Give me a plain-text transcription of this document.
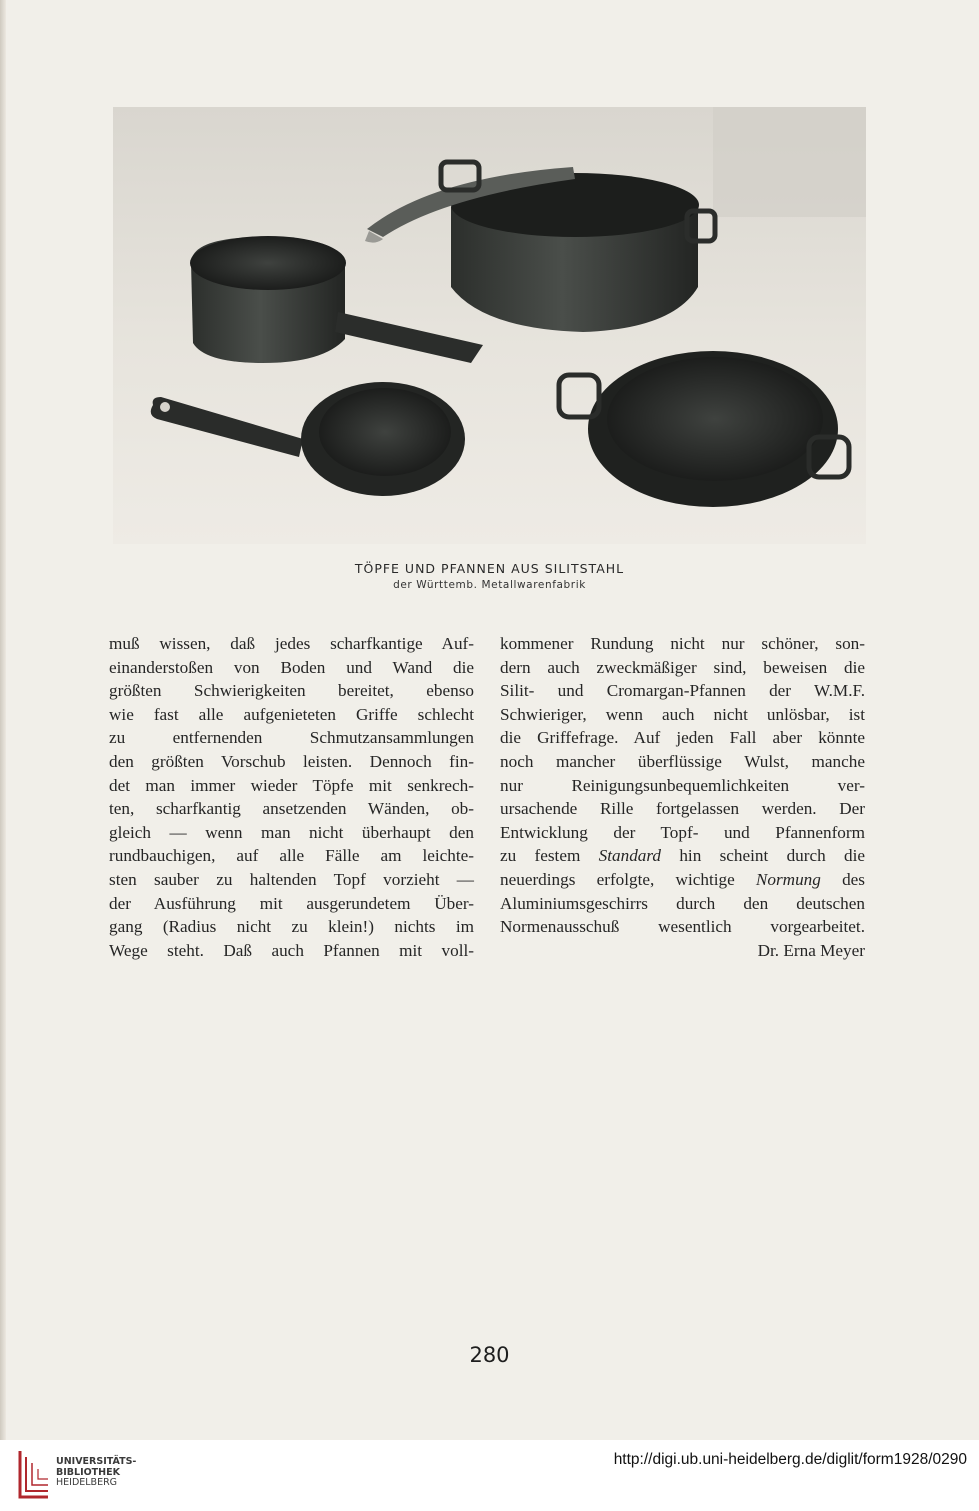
TÖPFE UND PFANNEN AUS SILITSTAHL
der Württemb. Metallwarenfabrik
muß wissen, daß jedes scharfkantige Auf-
einanderstoßen von Boden und Wand die
größten Schwierigkeiten bereitet, ebenso
wie fast alle aufgenieteten Griffe schlecht
zu entfernenden Schmutzansammlungen
den größten Vorschub leisten. Dennoch fin-
det man immer wieder Töpfe mit senkrech-
ten, scharfkantig ansetzenden Wänden, ob-
gleich — wenn man nicht überhaupt den
rundbauchigen, auf alle Fälle am leichte-
sten sauber zu haltenden Topf vorzieht —
der Ausführung mit ausgerundetem Über-
gang (Radius nicht zu klein!) nichts im
Wege steht. Daß auch Pfannen mit voll-
kommener Rundung nicht nur schöner, son-
dern auch zweckmäßiger sind, beweisen die
Silit- und Cromargan-Pfannen der W.M.F.
Schwieriger, wenn auch nicht unlösbar, ist
die Griffefrage. Auf jeden Fall aber könnte
noch mancher überflüssige Wulst, manche
nur Reinigungsunbequemlichkeiten ver-
ursachende Rille fortgelassen werden. Der
Entwicklung der Topf- und Pfannenform
zu festem Standard hin scheint durch die
neuerdings erfolgte, wichtige Normung des
Aluminiumsgeschirrs durch den deutschen
Normenausschuß wesentlich vorgearbeitet.
Dr. Erna Meyer
280
UNIVERSITÄTS-
BIBLIOTHEK
HEIDELBERG
http://digi.ub.uni-heidelberg.de/diglit/form1928/0290
